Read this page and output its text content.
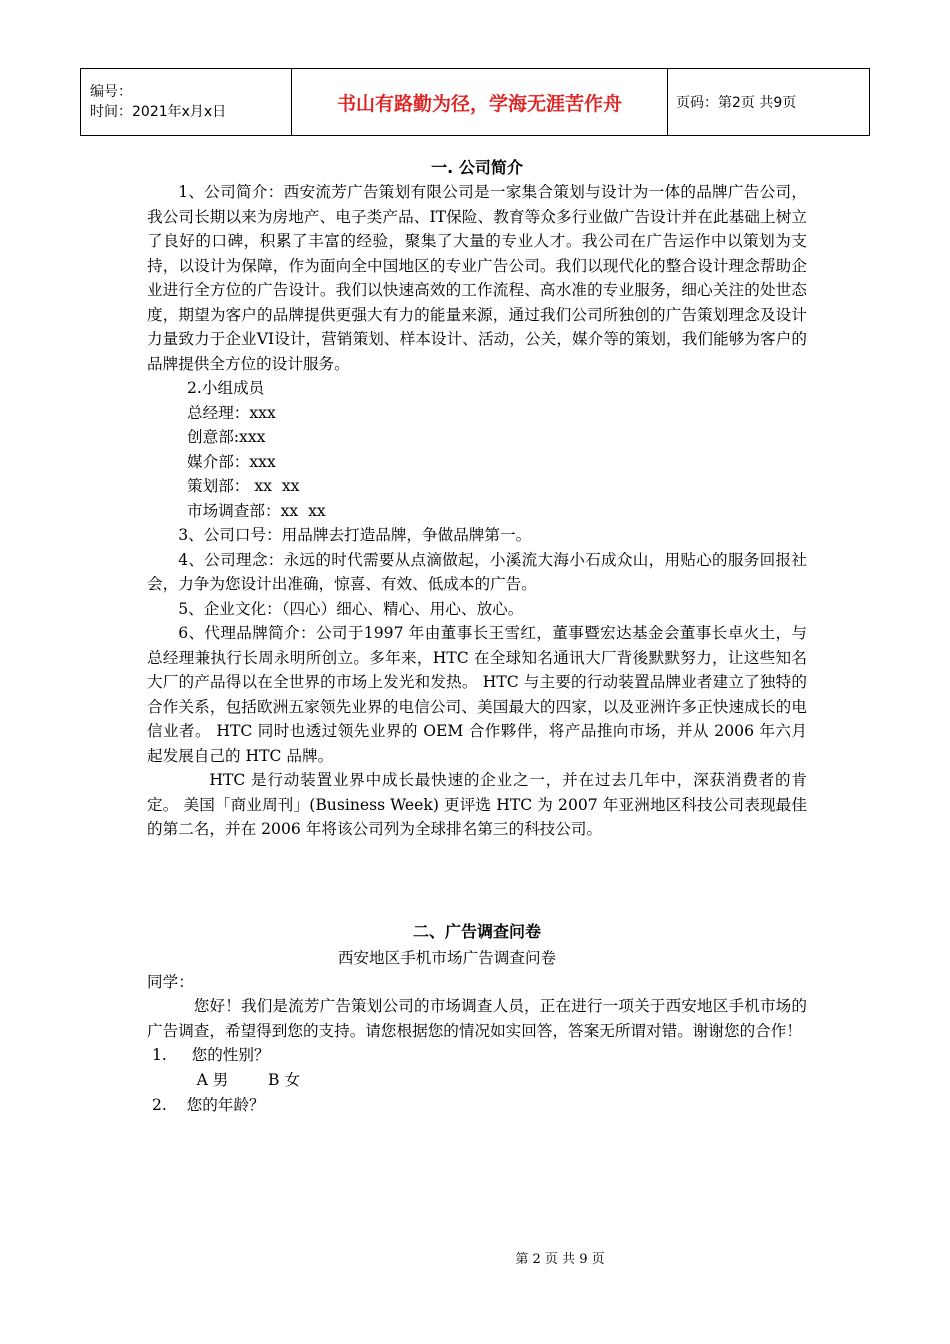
编号：
时间：2021年x月x日	书山有路勤为径，学海无涯苦作舟	页码：第2页 共9页
一. 公司简介

1、公司简介：西安流芳广告策划有限公司是一家集合策划与设计为一体的品牌广告公司，我公司长期以来为房地产、电子类产品、IT保险、教育等众多行业做广告设计并在此基础上树立了良好的口碑，积累了丰富的经验，聚集了大量的专业人才。我公司在广告运作中以策划为支持，以设计为保障，作为面向全中国地区的专业广告公司。我们以现代化的整合设计理念帮助企业进行全方位的广告设计。我们以快速高效的工作流程、高水准的专业服务，细心关注的处世态度，期望为客户的品牌提供更强大有力的能量来源，通过我们公司所独创的广告策划理念及设计力量致力于企业VI设计，营销策划、样本设计、活动，公关，媒介等的策划，我们能够为客户的品牌提供全方位的设计服务。

2.小组成员

总经理：xxx

创意部:xxx

媒介部：xxx

策划部： xx  xx

市场调查部：xx  xx

3、公司口号：用品牌去打造品牌，争做品牌第一。

4、公司理念：永远的时代需要从点滴做起，小溪流大海小石成众山，用贴心的服务回报社会，力争为您设计出准确，惊喜、有效、低成本的广告。

5、企业文化：（四心）细心、精心、用心、放心。

6、代理品牌简介：公司于1997 年由董事长王雪红，董事暨宏达基金会董事长卓火土，与总经理兼执行长周永明所创立。多年来，HTC 在全球知名通讯大厂背後默默努力，让这些知名大厂的产品得以在全世界的市场上发光和发热。 HTC 与主要的行动装置品牌业者建立了独特的合作关系，包括欧洲五家领先业界的电信公司、美国最大的四家，以及亚洲许多正快速成长的电信业者。 HTC 同时也透过领先业界的 OEM 合作夥伴，将产品推向市场，并从 2006 年六月起发展自己的 HTC 品牌。

HTC 是行动装置业界中成长最快速的企业之一，并在过去几年中，深获消费者的肯定。 美国「商业周刊」(Business Week) 更评选 HTC 为 2007 年亚洲地区科技公司表现最佳的第二名，并在 2006 年将该公司列为全球排名第三的科技公司。

二、广告调查问卷

西安地区手机市场广告调查问卷

同学：

您好！我们是流芳广告策划公司的市场调查人员，正在进行一项关于西安地区手机市场的广告调查，希望得到您的支持。请您根据您的情况如实回答，答案无所谓对错。谢谢您的合作！

1.     您的性别？

A 男        B 女

2.    您的年龄？

第 2 页 共 9 页
